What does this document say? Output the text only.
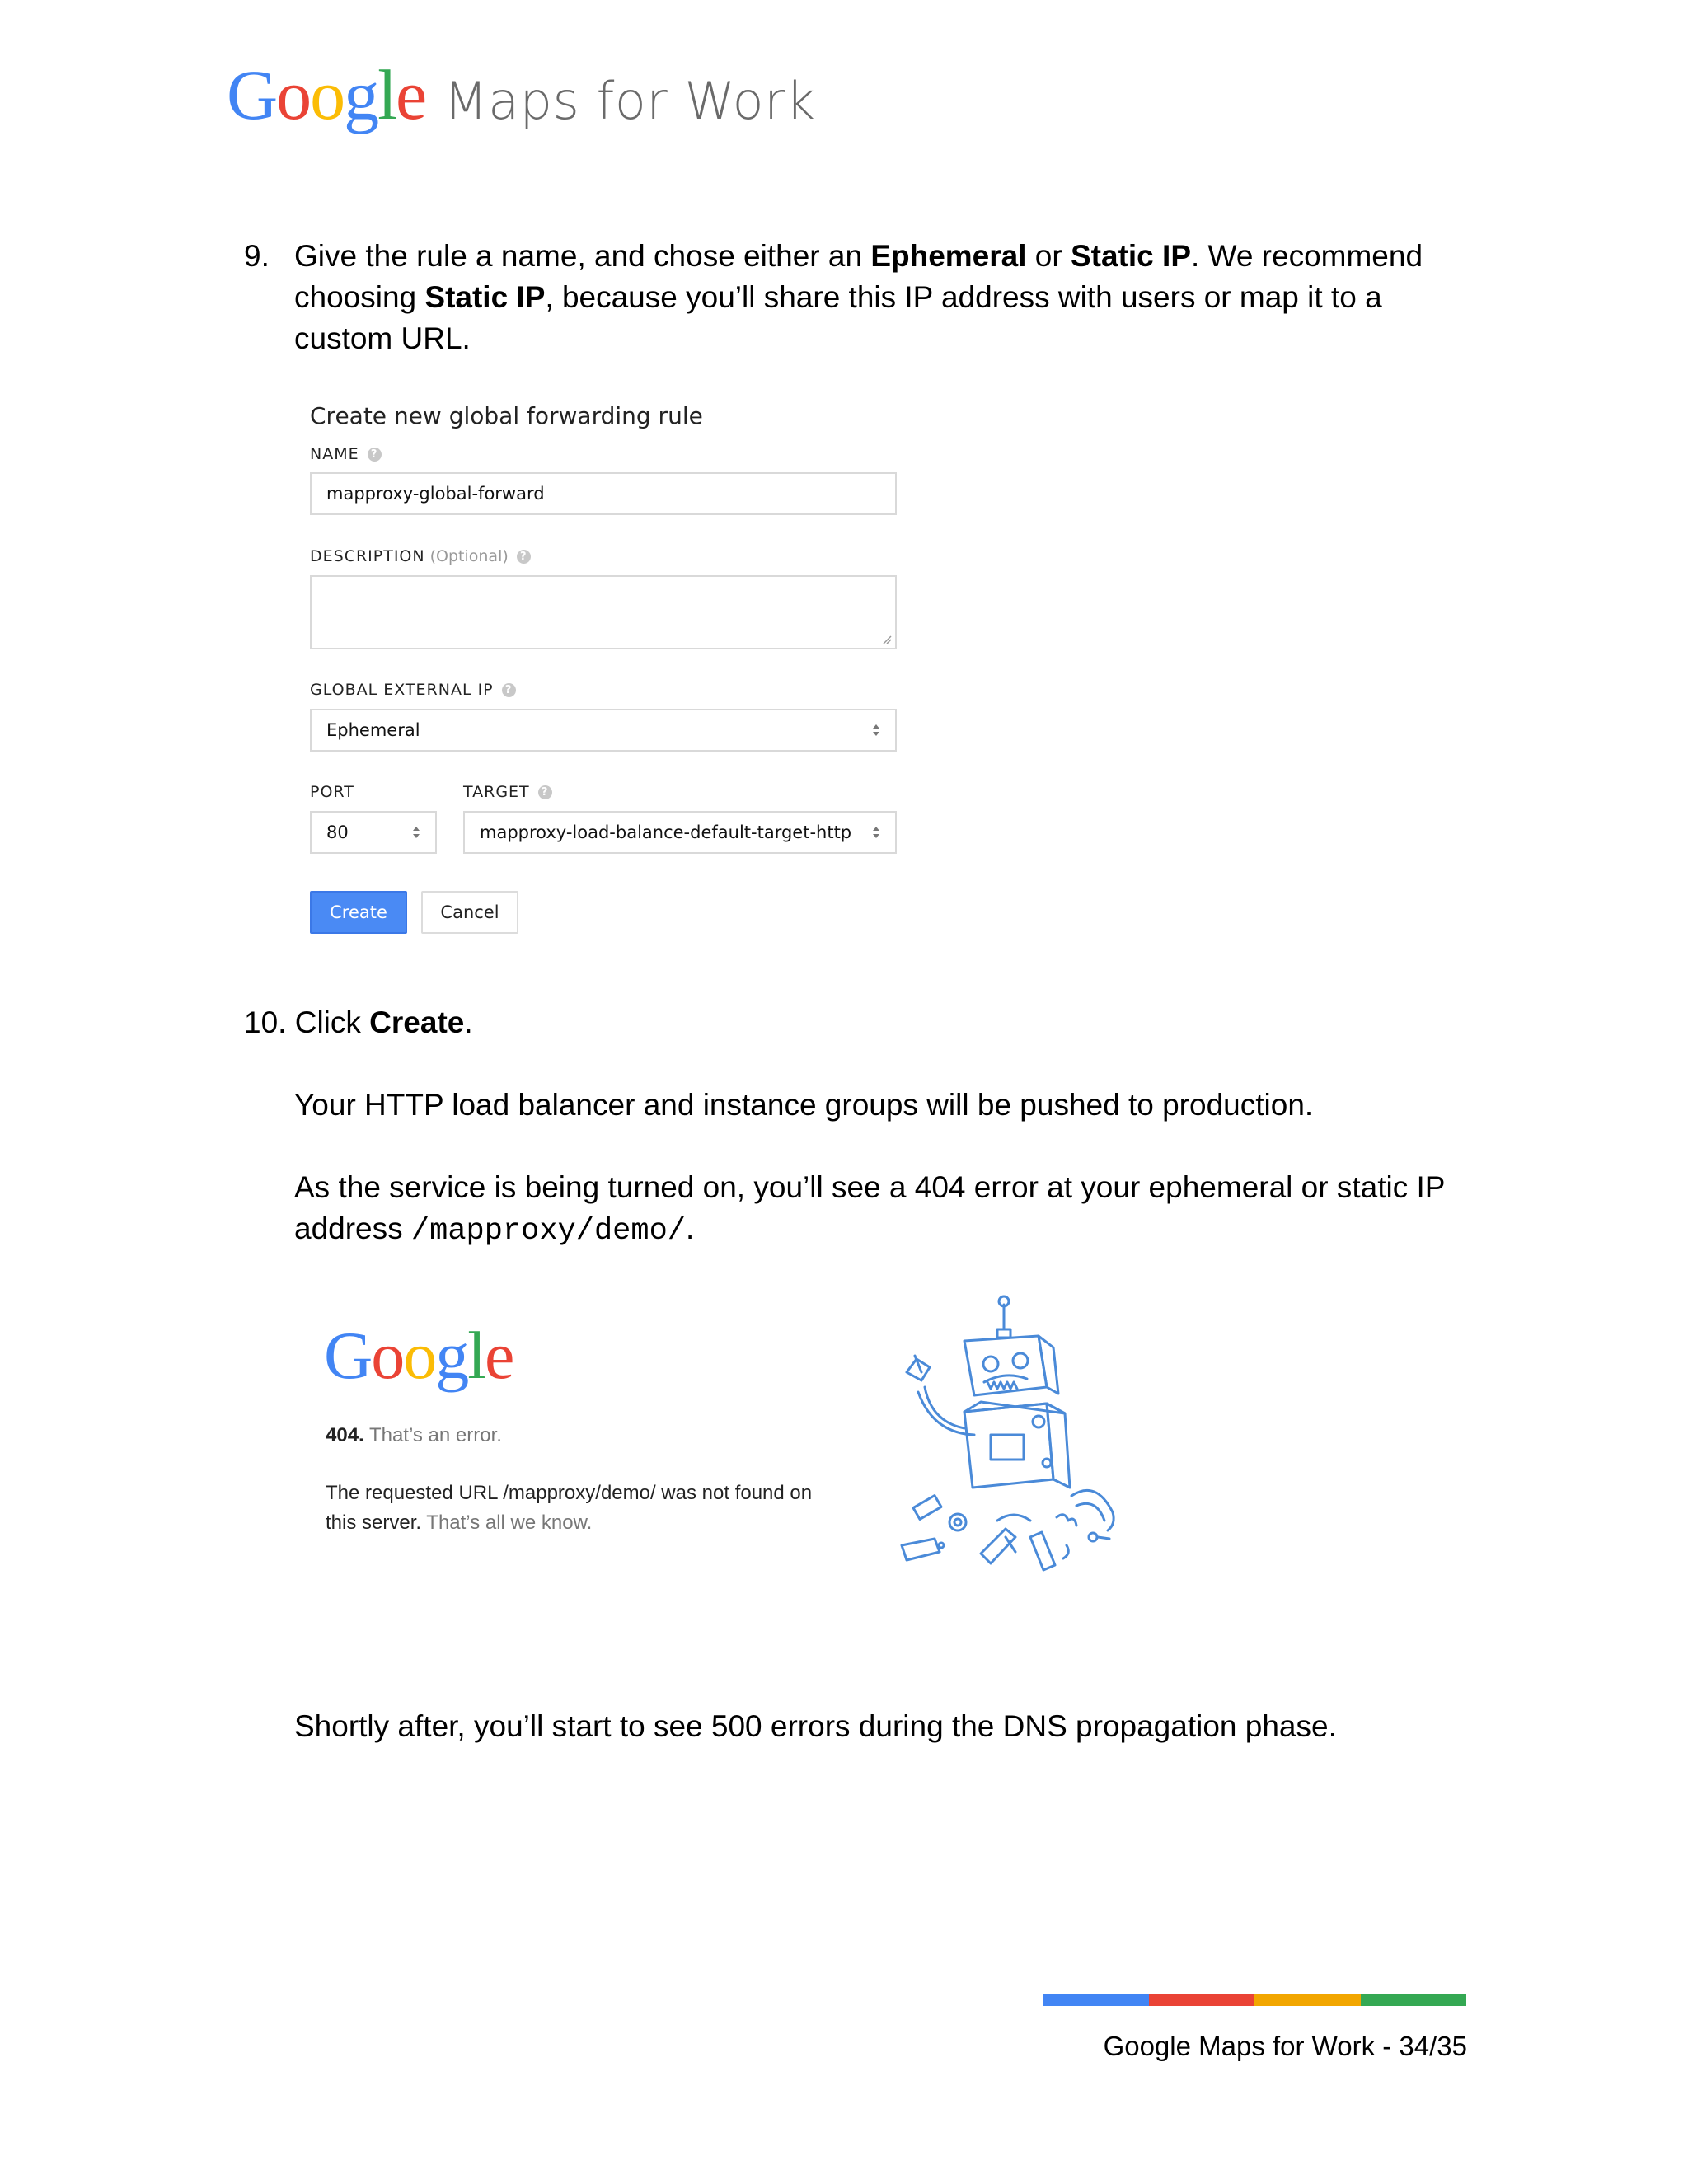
Google Maps for Work
9. Give the rule a name, and chose either an Ephemeral or Static IP. We recommend choosing Static IP, because you’ll share this IP address with users or map it to a custom URL.
Create new global forwarding rule
NAME	?
mapproxy-global-forward
DESCRIPTION (Optional)	?
GLOBAL EXTERNAL IP	?
Ephemeral
PORT	TARGET	?
80	mapproxy-load-balance-default-target-http
Create	Cancel
10. Click Create.
Your HTTP load balancer and instance groups will be pushed to production.
As the service is being turned on, you’ll see a 404 error at your ephemeral or static IP address /mapproxy/demo/.
Google
404. That’s an error.
The requested URL /mapproxy/demo/ was not found on
this server. That’s all we know.
Shortly after, you’ll start to see 500 errors during the DNS propagation phase.
Google Maps for Work - 34/35
